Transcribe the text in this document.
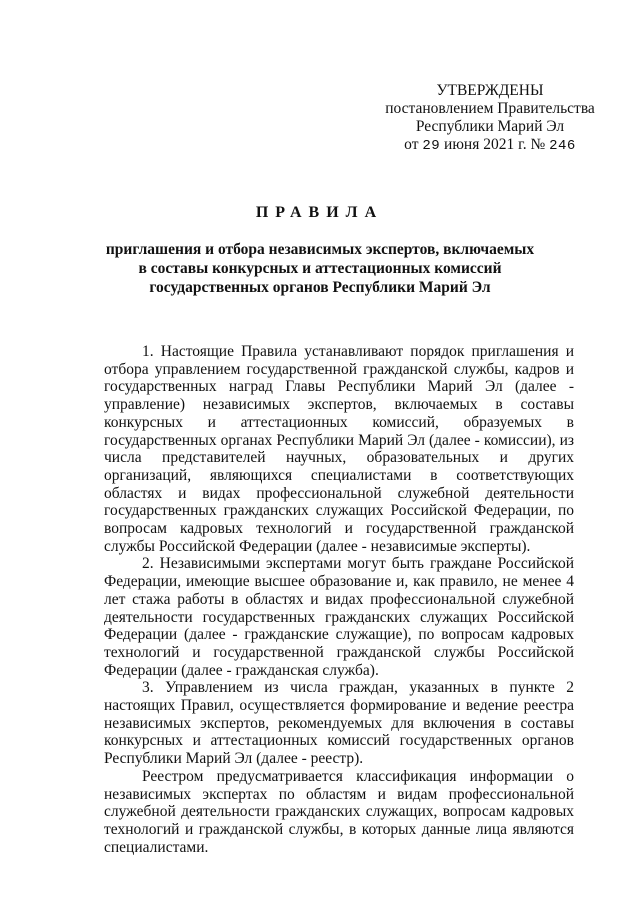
УТВЕРЖДЕНЫ
постановлением Правительства
Республики Марий Эл
от 29 июня 2021 г. № 246
ПРАВИЛА
приглашения и отбора независимых экспертов, включаемых
в составы конкурсных и аттестационных комиссий
государственных органов Республики Марий Эл

1. Настоящие Правила устанавливают порядок приглашения и отбора управлением государственной гражданской службы, кадров и государственных наград Главы Республики Марий Эл (далее - управление) независимых экспертов, включаемых в составы конкурсных и аттестационных комиссий, образуемых в государственных органах Республики Марий Эл (далее - комиссии), из числа представителей научных, образовательных и других организаций, являющихся специалистами в соответствующих областях и видах профессиональной служебной деятельности государственных гражданских служащих Российской Федерации, по вопросам кадровых технологий и государственной гражданской службы Российской Федерации (далее - независимые эксперты).

2. Независимыми экспертами могут быть граждане Российской Федерации, имеющие высшее образование и, как правило, не менее 4 лет стажа работы в областях и видах профессиональной служебной деятельности государственных гражданских служащих Российской Федерации (далее - гражданские служащие), по вопросам кадровых технологий и государственной гражданской службы Российской Федерации (далее - гражданская служба).

3. Управлением из числа граждан, указанных в пункте 2 настоящих Правил, осуществляется формирование и ведение реестра независимых экспертов, рекомендуемых для включения в составы конкурсных и аттестационных комиссий государственных органов Республики Марий Эл (далее - реестр).

Реестром предусматривается классификация информации о независимых экспертах по областям и видам профессиональной служебной деятельности гражданских служащих, вопросам кадровых технологий и гражданской службы, в которых данные лица являются специалистами.
